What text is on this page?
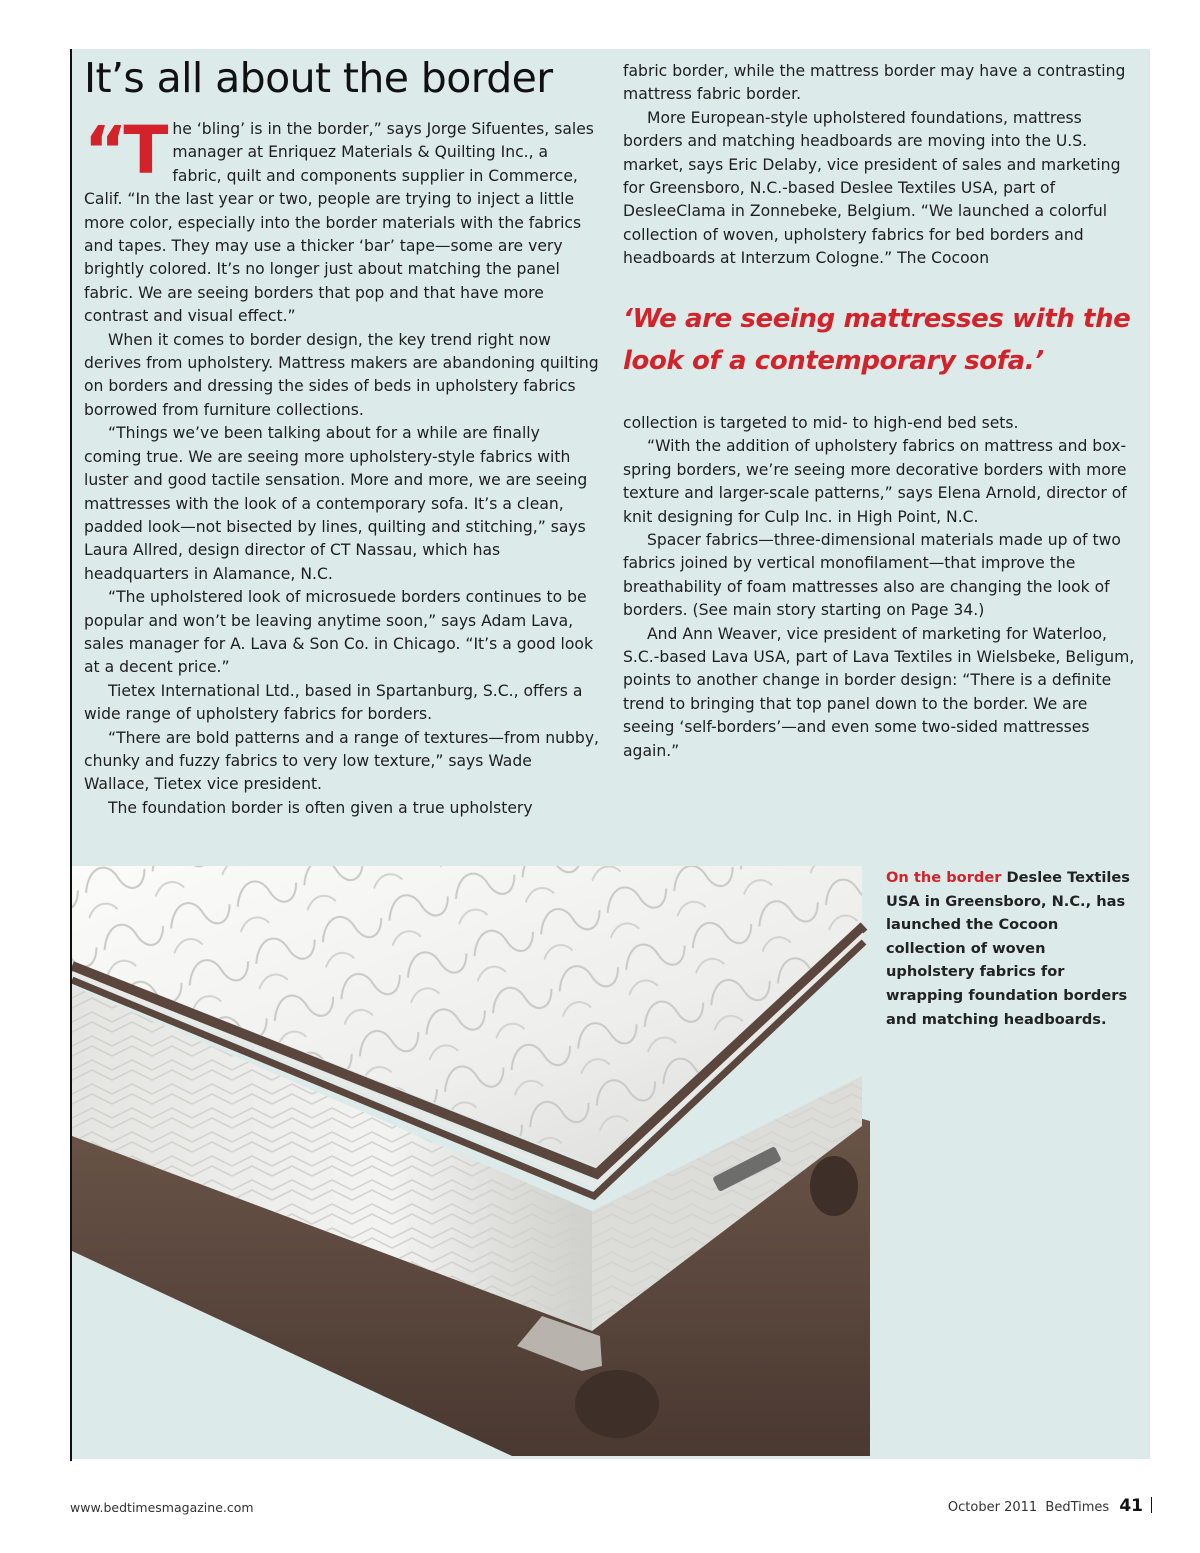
It’s all about the border

“The ‘bling’ is in the border,” says Jorge Sifuentes, sales manager at Enriquez Materials & Quilting Inc., a fabric, quilt and components supplier in Commerce, Calif. “In the last year or two, people are trying to inject a little more color, especially into the border materials with the fabrics and tapes. They may use a thicker ‘bar’ tape—some are very brightly colored. It’s no longer just about matching the panel fabric. We are seeing borders that pop and that have more contrast and visual effect.”

When it comes to border design, the key trend right now derives from upholstery. Mattress makers are abandoning quilting on borders and dressing the sides of beds in upholstery fabrics borrowed from furniture collections.

“Things we’ve been talking about for a while are finally coming true. We are seeing more upholstery-style fabrics with luster and good tactile sensation. More and more, we are seeing mattresses with the look of a contemporary sofa. It’s a clean, padded look—not bisected by lines, quilting and stitching,” says Laura Allred, design director of CT Nassau, which has headquarters in Alamance, N.C.

“The upholstered look of microsuede borders continues to be popular and won’t be leaving anytime soon,” says Adam Lava, sales manager for A. Lava & Son Co. in Chicago. “It’s a good look at a decent price.”

Tietex International Ltd., based in Spartanburg, S.C., offers a wide range of upholstery fabrics for borders.

“There are bold patterns and a range of textures—from nubby, chunky and fuzzy fabrics to very low texture,” says Wade Wallace, Tietex vice president.

The foundation border is often given a true upholstery

fabric border, while the mattress border may have a contrasting mattress fabric border.

More European-style upholstered foundations, mattress borders and matching headboards are moving into the U.S. market, says Eric Delaby, vice president of sales and marketing for Greensboro, N.C.-based Deslee Textiles USA, part of DesleeClama in Zonnebeke, Belgium. “We launched a colorful collection of woven, upholstery fabrics for bed borders and headboards at Interzum Cologne.” The Cocoon

‘We are seeing mattresses with the look of a contemporary sofa.’

collection is targeted to mid- to high-end bed sets.

“With the addition of upholstery fabrics on mattress and box-spring borders, we’re seeing more decorative borders with more texture and larger-scale patterns,” says Elena Arnold, director of knit designing for Culp Inc. in High Point, N.C.

Spacer fabrics—three-dimensional materials made up of two fabrics joined by vertical monofilament—that improve the breathability of foam mattresses also are changing the look of borders. (See main story starting on Page 34.)

And Ann Weaver, vice president of marketing for Waterloo, S.C.-based Lava USA, part of Lava Textiles in Wielsbeke, Beligum, points to another change in border design: “There is a definite trend to bringing that top panel down to the border. We are seeing ‘self-borders’—and even some two-sided mattresses again.”

On the border Deslee Textiles USA in Greensboro, N.C., has launched the Cocoon collection of woven upholstery fabrics for wrapping foundation borders and matching headboards.
www.bedtimesmagazine.com	October 2011 BedTimes 41
